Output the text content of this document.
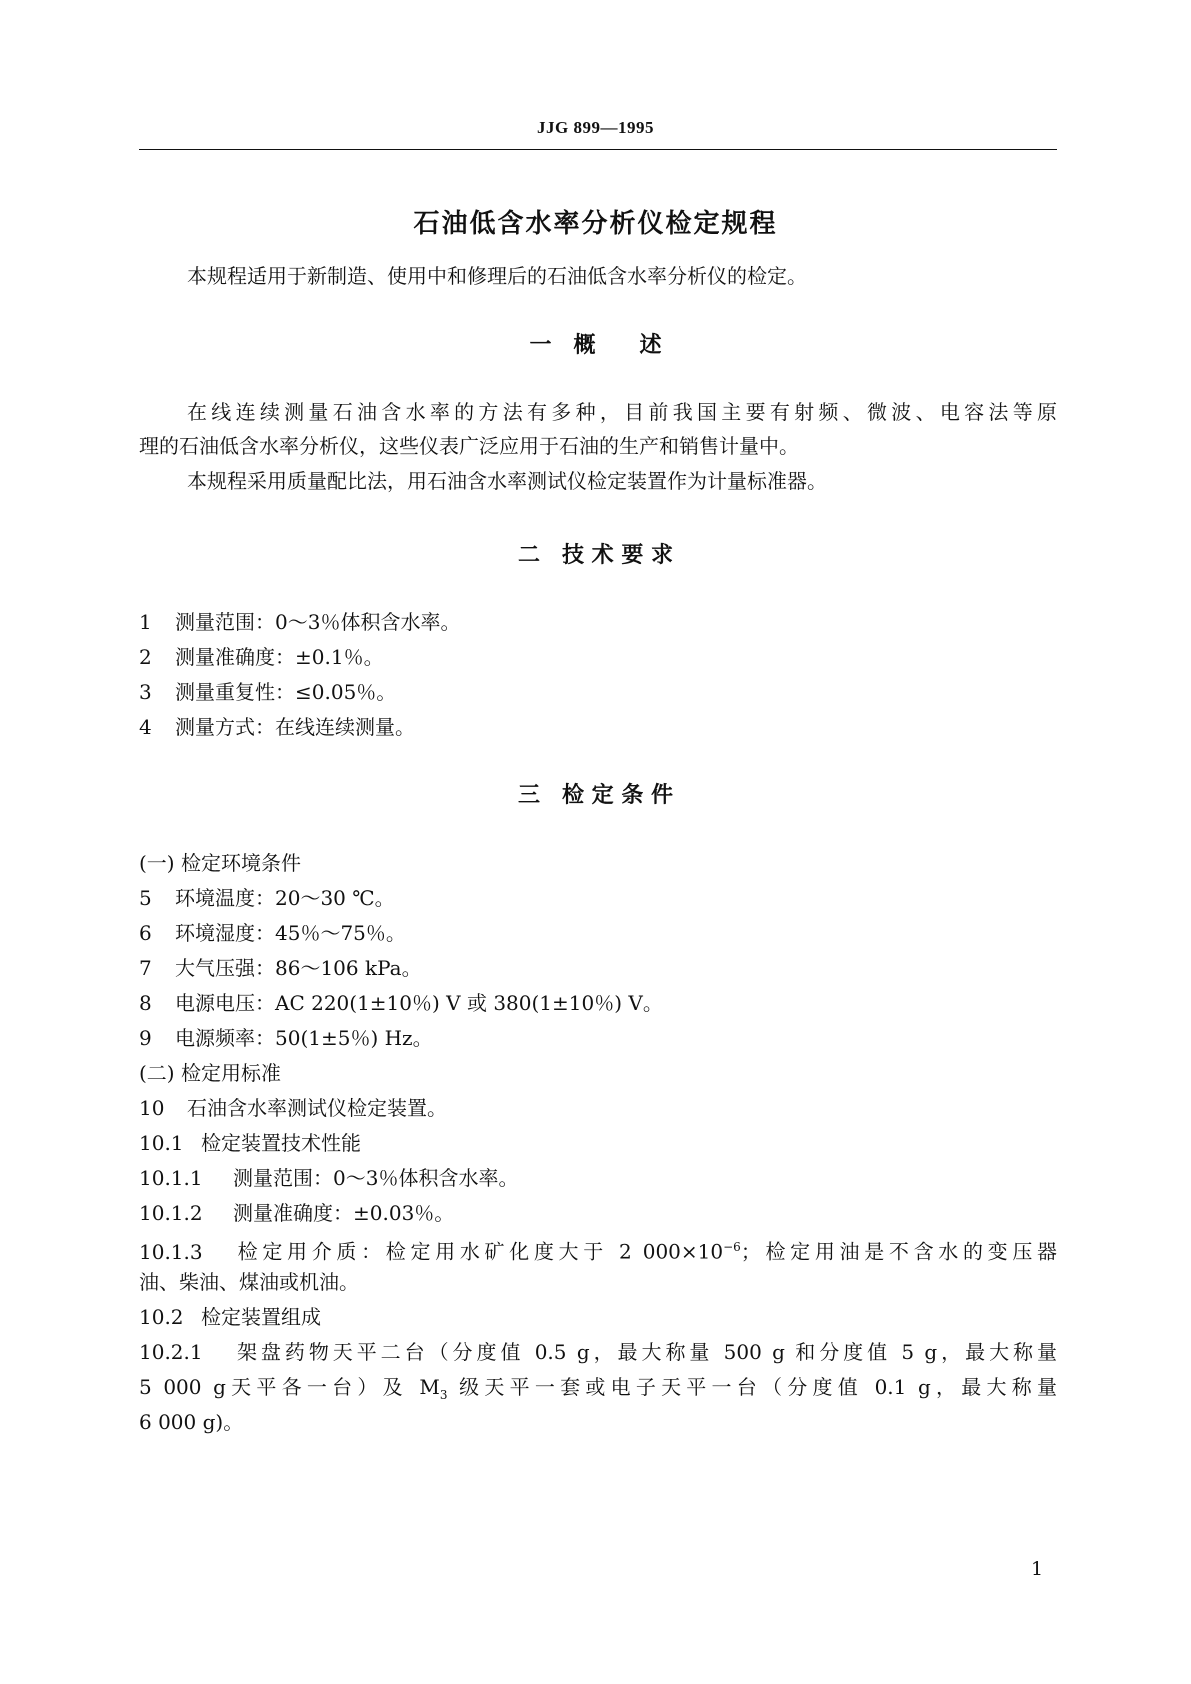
JJG 899—1995
石油低含水率分析仪检定规程
本规程适用于新制造、使用中和修理后的石油低含水率分析仪的检定。
一　概　　述
在线连续测量石油含水率的方法有多种，目前我国主要有射频、微波、电容法等原
理的石油低含水率分析仪，这些仪表广泛应用于石油的生产和销售计量中。
本规程采用质量配比法，用石油含水率测试仪检定装置作为计量标准器。
二　技 术 要 求
1 测量范围：0～3％体积含水率。
2 测量准确度：±0.1％。
3 测量重复性：≤0.05％。
4 测量方式：在线连续测量。
三　检 定 条 件
(一) 检定环境条件
5 环境温度：20～30 ℃。
6 环境湿度：45％～75％。
7 大气压强：86～106 kPa。
8 电源电压：AC 220(1±10％) V 或 380(1±10％) V。
9 电源频率：50(1±5％) Hz。
(二) 检定用标准
10 石油含水率测试仪检定装置。
10.1 检定装置技术性能
10.1.1 测量范围：0～3％体积含水率。
10.1.2 测量准确度：±0.03％。
10.1.3 检定用介质：检定用水矿化度大于 2 $000\times 10^{-6}$；检定用油是不含水的变压器
油、柴油、煤油或机油。
10.2 检定装置组成
10.2.1 架盘药物天平二台（分度值 0.5 g，最大称量 500 g 和分度值 5 g，最大称量
5 000 g天平各一台）及 $M_3$ 级天平一套或电子天平一台（分度值 0.1 g，最大称量
6 000 g)。
1
